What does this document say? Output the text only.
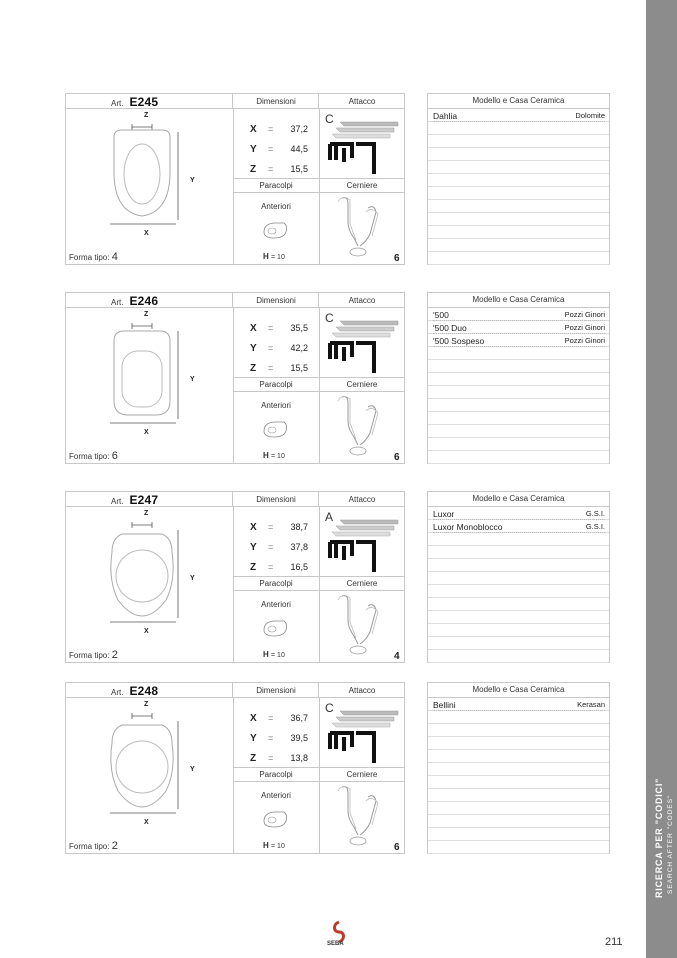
RICERCA PER "CODICI" SEARCH AFTER "CODES"
Art. E245	Dimensioni	Attacco
Paracolpi	Cerniere
Z
Y
X
Forma tipo: 4
X = 37,2
Y = 44,5
Z = 15,5
C
Anteriori
H = 10	6
Modello e Casa Ceramica
Dahlia	Dolomite
Art. E246	Dimensioni	Attacco
Paracolpi	Cerniere
Z
Y
X
Forma tipo: 6
X = 35,5
Y = 42,2
Z = 15,5
C
Anteriori
H = 10	6
Modello e Casa Ceramica
'500	Pozzi Ginori
'500 Duo	Pozzi Ginori
'500 Sospeso	Pozzi Ginori
Art. E247	Dimensioni	Attacco
Paracolpi	Cerniere
Z
Y
X
Forma tipo: 2
X = 38,7
Y = 37,8
Z = 16,5
A
Anteriori
H = 10	4
Modello e Casa Ceramica
Luxor	G.S.I.
Luxor Monoblocco	G.S.I.
Art. E248	Dimensioni	Attacco
Paracolpi	Cerniere
Z
Y
X
Forma tipo: 2
X = 36,7
Y = 39,5
Z = 13,8
C
Anteriori
H = 10	6
Modello e Casa Ceramica
Bellini	Kerasan
SEBA	211
